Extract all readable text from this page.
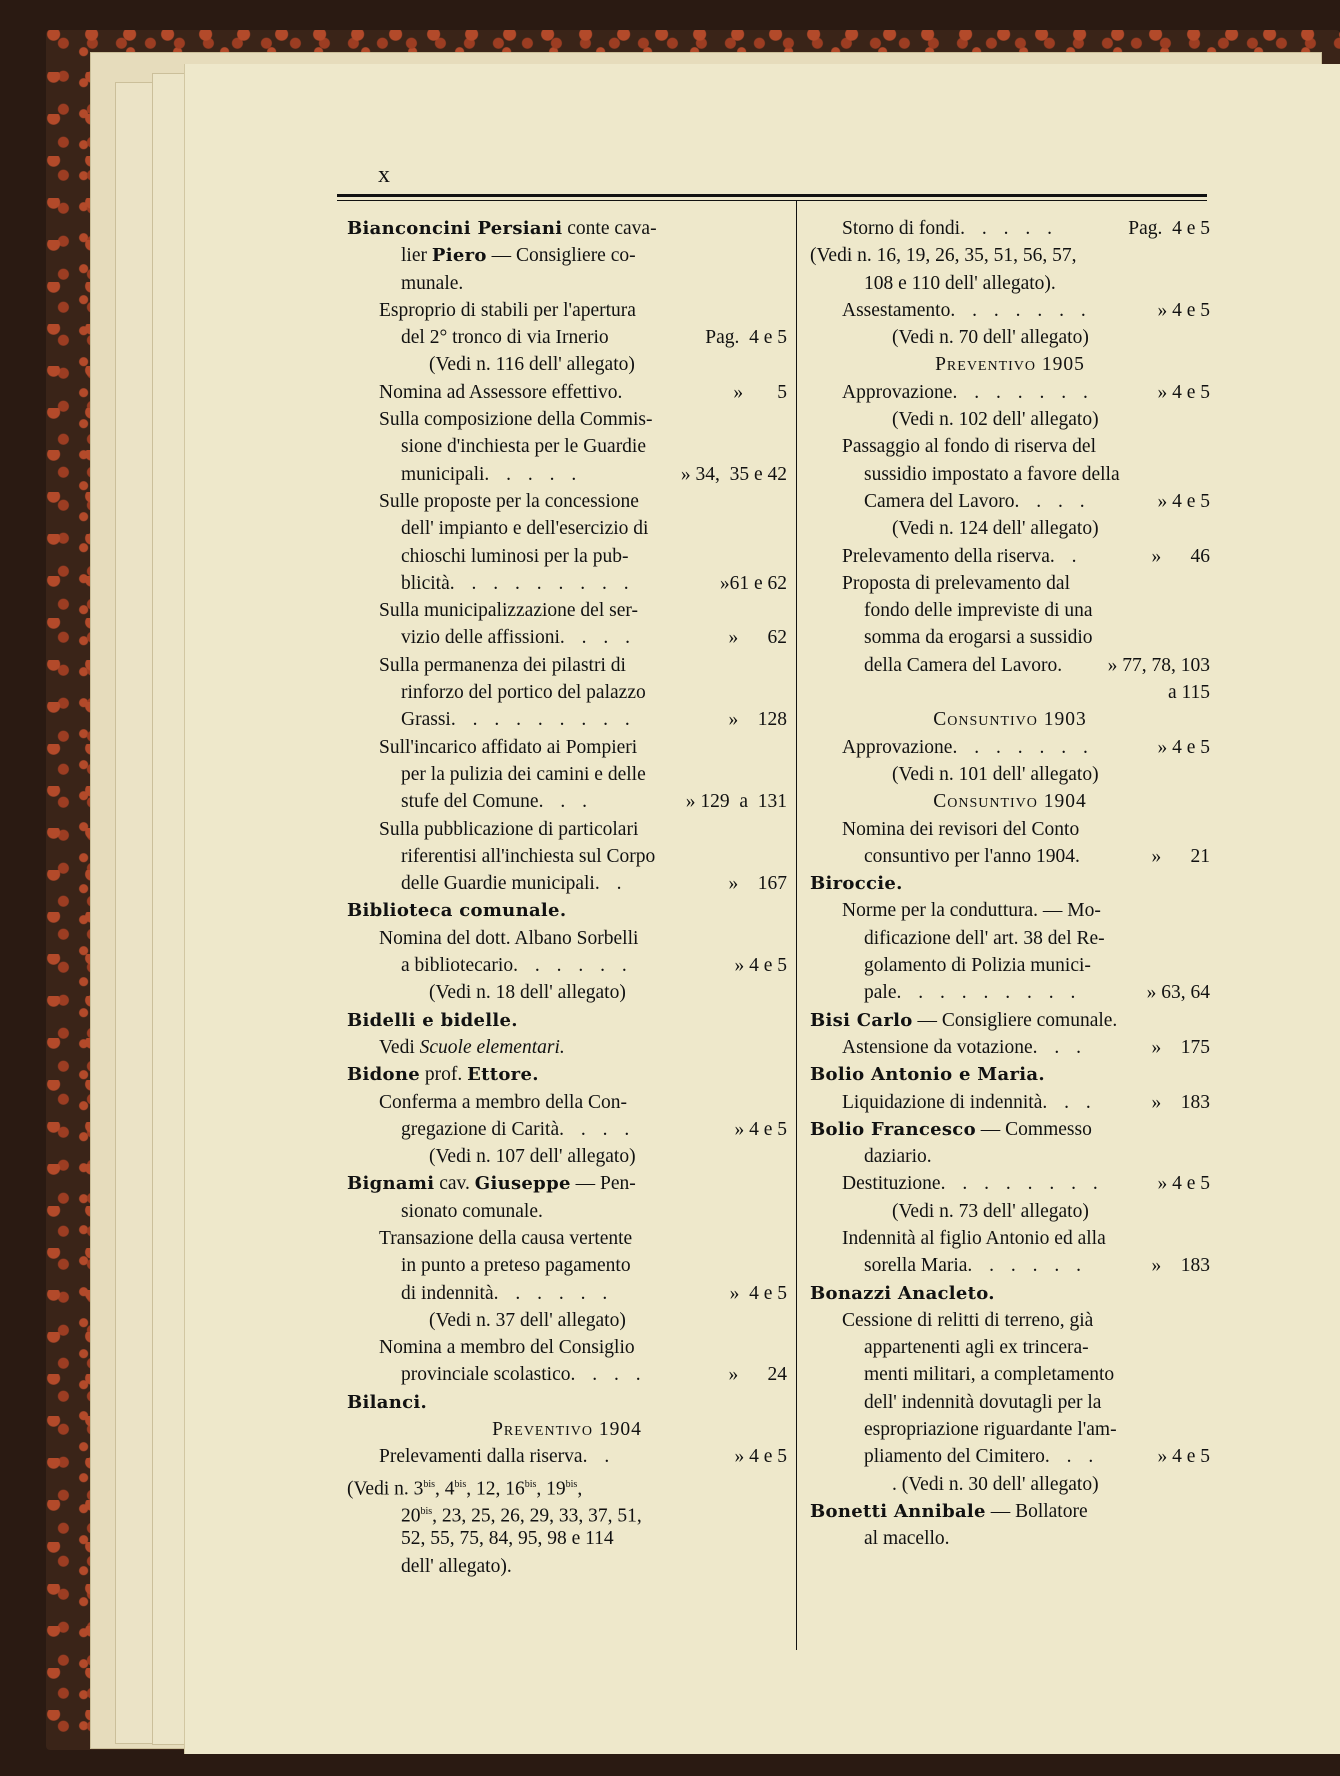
x
Bianconcini Persiani conte cava-
lier Piero — Consigliere co-
munale.
Esproprio di stabili per l'apertura
del 2° tronco di via Irnerio	Pag.  4 e 5
(Vedi n. 116 dell' allegato)
Nomina ad Assessore effettivo.	»       5
Sulla composizione della Commis-
sione d'inchiesta per le Guardie
municipali. . . . .	» 34,  35 e 42
Sulle proposte per la concessione
dell' impianto e dell'esercizio di
chioschi luminosi per la pub-
blicità. . . . . . . . .	»61 e 62
Sulla municipalizzazione del ser-
vizio delle affissioni. . . .	»      62
Sulla permanenza dei pilastri di
rinforzo del portico del palazzo
Grassi. . . . . . . . .	»    128
Sull'incarico affidato ai Pompieri
per la pulizia dei camini e delle
stufe del Comune. . .	» 129  a  131
Sulla pubblicazione di particolari
riferentisi all'inchiesta sul Corpo
delle Guardie municipali. .	»    167
Biblioteca comunale.
Nomina del dott. Albano Sorbelli
a bibliotecario. . . . . .	» 4 e 5
(Vedi n. 18 dell' allegato)
Bidelli e bidelle.
Vedi Scuole elementari.
Bidone prof. Ettore.
Conferma a membro della Con-
gregazione di Carità. . . .	» 4 e 5
(Vedi n. 107 dell' allegato)
Bignami cav. Giuseppe — Pen-
sionato comunale.
Transazione della causa vertente
in punto a preteso pagamento
di indennità. . . . . .	»  4 e 5
(Vedi n. 37 dell' allegato)
Nomina a membro del Consiglio
provinciale scolastico. . . .	»      24
Bilanci.
Preventivo 1904
Prelevamenti dalla riserva. .	» 4 e 5
(Vedi n. $3^{bis}$, $4^{bis}$, 12, $16^{bis}$, $19^{bis}$,
$20^{bis}$, 23, 25, 26, 29, 33, 37, 51,
52, 55, 75, 84, 95, 98 e 114
dell' allegato).
Storno di fondi. . . . .	Pag.  4 e 5
(Vedi n. 16, 19, 26, 35, 51, 56, 57,
108 e 110 dell' allegato).
Assestamento. . . . . . .	» 4 e 5
(Vedi n. 70 dell' allegato)
Preventivo 1905
Approvazione. . . . . . .	» 4 e 5
(Vedi n. 102 dell' allegato)
Passaggio al fondo di riserva del
sussidio impostato a favore della
Camera del Lavoro. . . .	» 4 e 5
(Vedi n. 124 dell' allegato)
Prelevamento della riserva. .	»      46
Proposta di prelevamento dal
fondo delle impreviste di una
somma da erogarsi a sussidio
della Camera del Lavoro. » 77, 78, 103
a 115
Consuntivo 1903
Approvazione. . . . . . .	» 4 e 5
(Vedi n. 101 dell' allegato)
Consuntivo 1904
Nomina dei revisori del Conto
consuntivo per l'anno 1904.	»      21
Biroccie.
Norme per la conduttura. — Mo-
dificazione dell' art. 38 del Re-
golamento di Polizia munici-
pale. . . . . . . . .	» 63, 64
Bisi Carlo — Consigliere comunale.
Astensione da votazione. . .	»    175
Bolio Antonio e Maria.
Liquidazione di indennità. . .	»    183
Bolio Francesco — Commesso
daziario.
Destituzione. . . . . . . .	» 4 e 5
(Vedi n. 73 dell' allegato)
Indennità al figlio Antonio ed alla
sorella Maria. . . . . .	»    183
Bonazzi Anacleto.
Cessione di relitti di terreno, già
appartenenti agli ex trincera-
menti militari, a completamento
dell' indennità dovutagli per la
espropriazione riguardante l'am-
pliamento del Cimitero. . .	» 4 e 5
. (Vedi n. 30 dell' allegato)
Bonetti Annibale — Bollatore
al macello.
